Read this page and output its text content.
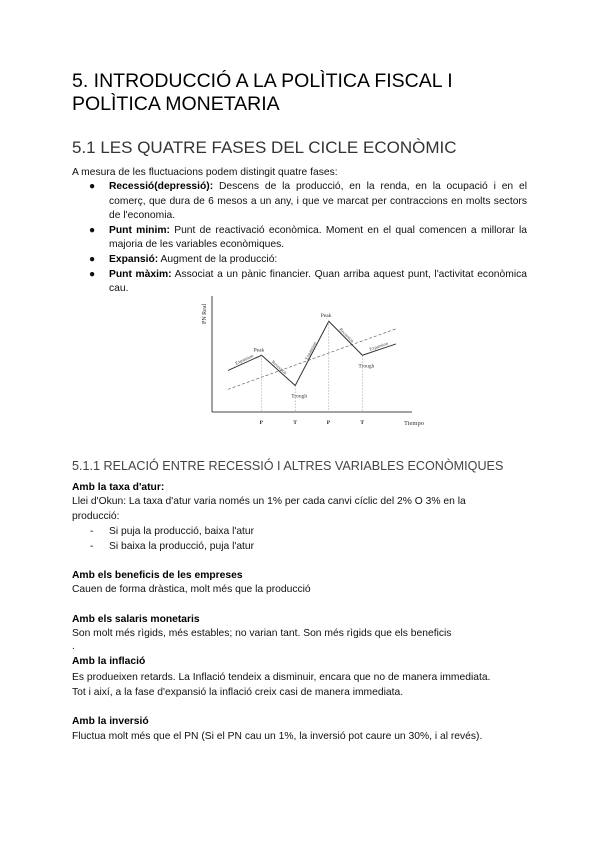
5. INTRODUCCIÓ A LA POLÌTICA FISCAL I POLÌTICA MONETARIA
5.1 LES QUATRE FASES DEL CICLE ECONÒMIC
A mesura de les fluctuacions podem distingit quatre fases:
● Recessió(depressió): Descens de la producció, en la renda, en la ocupació i en el comerç, que dura de 6 mesos a un any, i que ve marcat per contraccions en molts sectors de l'economia.
● Punt minim: Punt de reactivació econòmica. Moment en el qual comencen a millorar la majoria de les variables econòmiques.
● Expansió: Augment de la producció:
● Punt màxim: Associat a un pànic financier. Quan arriba aquest punt, l'activitat econòmica cau.
PN Real
Tiempo
Expansion	Recession
Expansion
Recession
Expansion
Peak
Trough
Peak
Trough
P	T	P	T
5.1.1 RELACIÓ ENTRE RECESSIÓ I ALTRES VARIABLES ECONÒMIQUES
Amb la taxa d'atur:
Llei d'Okun: La taxa d'atur varia només un 1% per cada canvi cíclic del 2% O 3% en la
producció:
- Si puja la producció, baixa l'atur
- Si baixa la producció, puja l'atur
Amb els beneficis de les empreses
Cauen de forma dràstica, molt més que la producció
Amb els salaris monetaris
Son molt més rìgids, més estables; no varian tant. Son més rìgids que els beneficis
.
Amb la inflació
Es produeixen retards. La Inflació tendeix a disminuir, encara que no de manera immediata.
Tot i així, a la fase d'expansió la inflació creix casi de manera immediata.
Amb la inversió
Fluctua molt més que el PN (Si el PN cau un 1%, la inversió pot caure un 30%, i al revés).
